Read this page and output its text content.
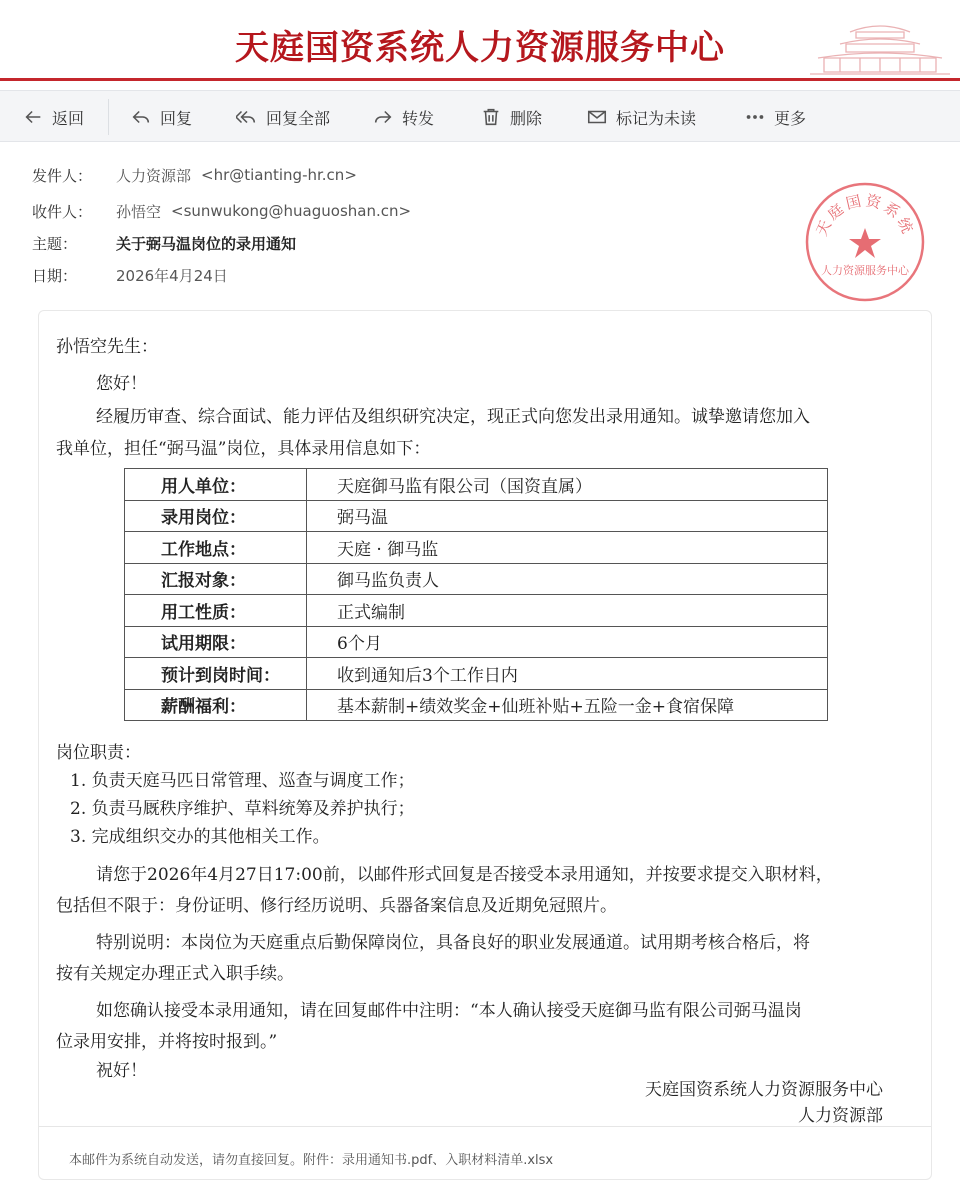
天庭国资系统人力资源服务中心
返回	回复	回复全部	转发	删除	标记为未读	更多
发件人：	人力资源部 <hr@tianting-hr.cn>
收件人：	孙悟空 <sunwukong@huaguoshan.cn>
主题：	关于弼马温岗位的录用通知
日期：	2026年4月24日
天庭国资系统
人力资源服务中心
孙悟空先生：
您好！
经履历审查、综合面试、能力评估及组织研究决定，现正式向您发出录用通知。诚挚邀请您加入
我单位，担任“弼马温”岗位，具体录用信息如下：
用人单位：	天庭御马监有限公司（国资直属）
录用岗位：	弼马温
工作地点：	天庭 · 御马监
汇报对象：	御马监负责人
用工性质：	正式编制
试用期限：	6个月
预计到岗时间：	收到通知后3个工作日内
薪酬福利：	基本薪制+绩效奖金+仙班补贴+五险一金+食宿保障
岗位职责：
1. 负责天庭马匹日常管理、巡查与调度工作；
2. 负责马厩秩序维护、草料统筹及养护执行；
3. 完成组织交办的其他相关工作。
请您于2026年4月27日17:00前，以邮件形式回复是否接受本录用通知，并按要求提交入职材料，
包括但不限于：身份证明、修行经历说明、兵器备案信息及近期免冠照片。
特别说明：本岗位为天庭重点后勤保障岗位，具备良好的职业发展通道。试用期考核合格后，将
按有关规定办理正式入职手续。
如您确认接受本录用通知，请在回复邮件中注明：“本人确认接受天庭御马监有限公司弼马温岗
位录用安排，并将按时报到。”
祝好！
天庭国资系统人力资源服务中心
人力资源部
本邮件为系统自动发送，请勿直接回复。附件：录用通知书.pdf、入职材料清单.xlsx
